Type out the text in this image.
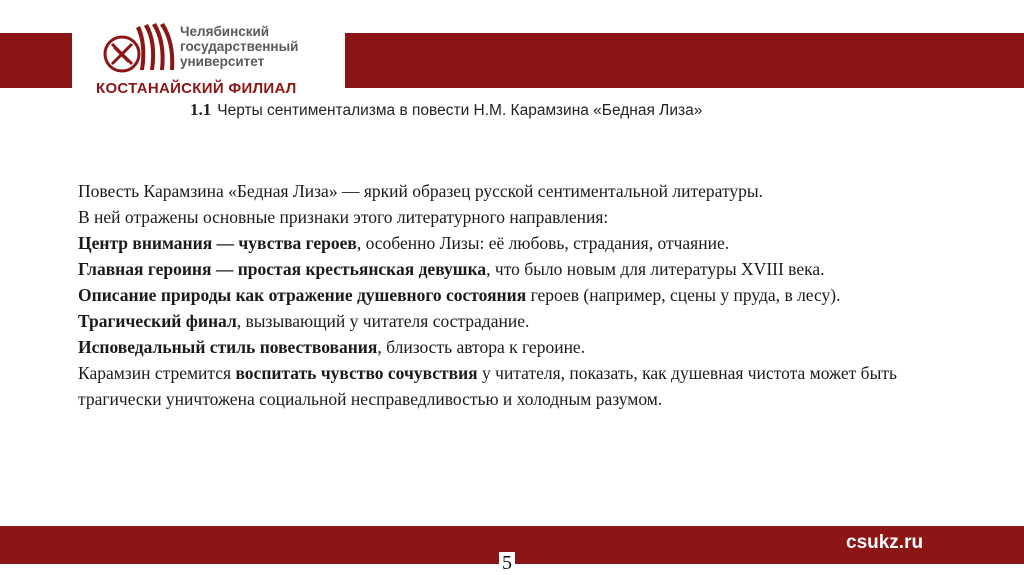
Челябинский
государственный
университет
КОСТАНАЙСКИЙ ФИЛИАЛ
1.1 Черты сентиментализма в повести Н.М. Карамзина «Бедная Лиза»

Повесть Карамзина «Бедная Лиза» — яркий образец русской сентиментальной литературы.

В ней отражены основные признаки этого литературного направления:

Центр внимания — чувства героев, особенно Лизы: её любовь, страдания, отчаяние.

Главная героиня — простая крестьянская девушка, что было новым для литературы XVIII века.

Описание природы как отражение душевного состояния героев (например, сцены у пруда, в лесу).

Трагический финал, вызывающий у читателя сострадание.

Исповедальный стиль повествования, близость автора к героине.

Карамзин стремится воспитать чувство сочувствия у читателя, показать, как душевная чистота может быть трагически уничтожена социальной несправедливостью и холодным разумом.

csukz.ru
5
